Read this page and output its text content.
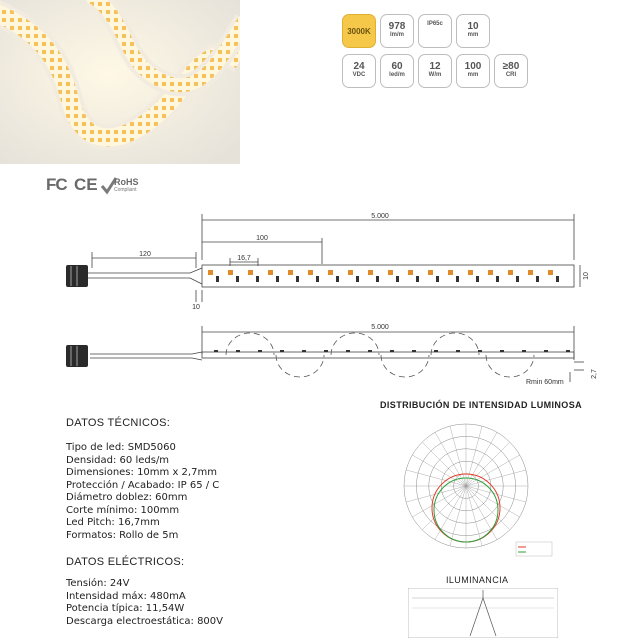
3000K	978
lm/m
IP65c	10
mm
24
VDC
60
led/m
12
W/m
100
mm
≥80
CRI
FC CE RoHS
Compliant
5.000
100
120
16,7
10
10
5.000
Rmin 60mm
2,7
DATOS TÉCNICOS:
Tipo de led: SMD5060
Densidad: 60 leds/m
Dimensiones: 10mm x 2,7mm
Protección / Acabado: IP 65 / C
Diámetro doblez: 60mm
Corte mínimo: 100mm
Led Pitch: 16,7mm
Formatos: Rollo de 5m
DATOS ELÉCTRICOS:
Tensión: 24V
Intensidad máx: 480mA
Potencia típica: 11,54W
Descarga electroestática: 800V
DISTRIBUCIÓN DE INTENSIDAD LUMINOSA
ILUMINANCIA
